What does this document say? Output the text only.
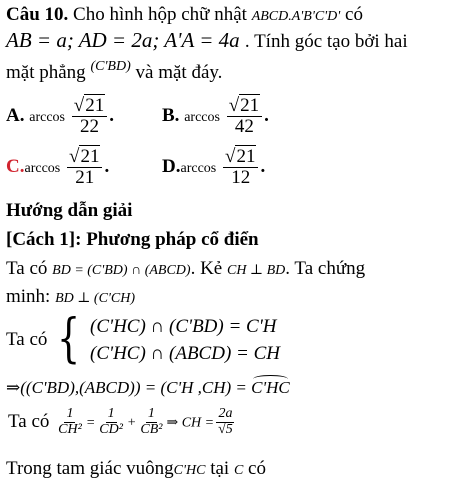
Câu 10. Cho hình hộp chữ nhật ABCD.A'B'C'D' có
AB = a; AD = 2a; A'A = 4a . Tính góc tạo bởi hai
mặt phẳng $^{(C'BD)}$ và mặt đáy.
A. $\arccos \frac{√21}{22}$ .	B. $\arccos \frac{√21}{42}$ .
$C.\arccos \frac{√21}{21}$ .	$D.\arccos \frac{√21}{12}$ .
Hướng dẫn giải
[Cách 1]: Phương pháp cổ điển
Ta có BD = (C'BD) ∩ (ABCD). Kẻ CH ⊥ BD. Ta chứng
minh: BD ⊥ (C'CH)
Ta có { (C'HC) ∩ (C'BD) = C'H
(C'HC) ∩ (ABCD) = CH
⇒((C'BD),(ABCD)) = (C'H ,CH) = C'HC
Ta có $\frac{1}{\text{CH²}} = \frac{1}{\text{CD²}} + \frac{1}{\text{CB²}}$ ⇒ CH = $\frac{2a}{√5}$
Trong tam giác vuôngC'HC tại C có
